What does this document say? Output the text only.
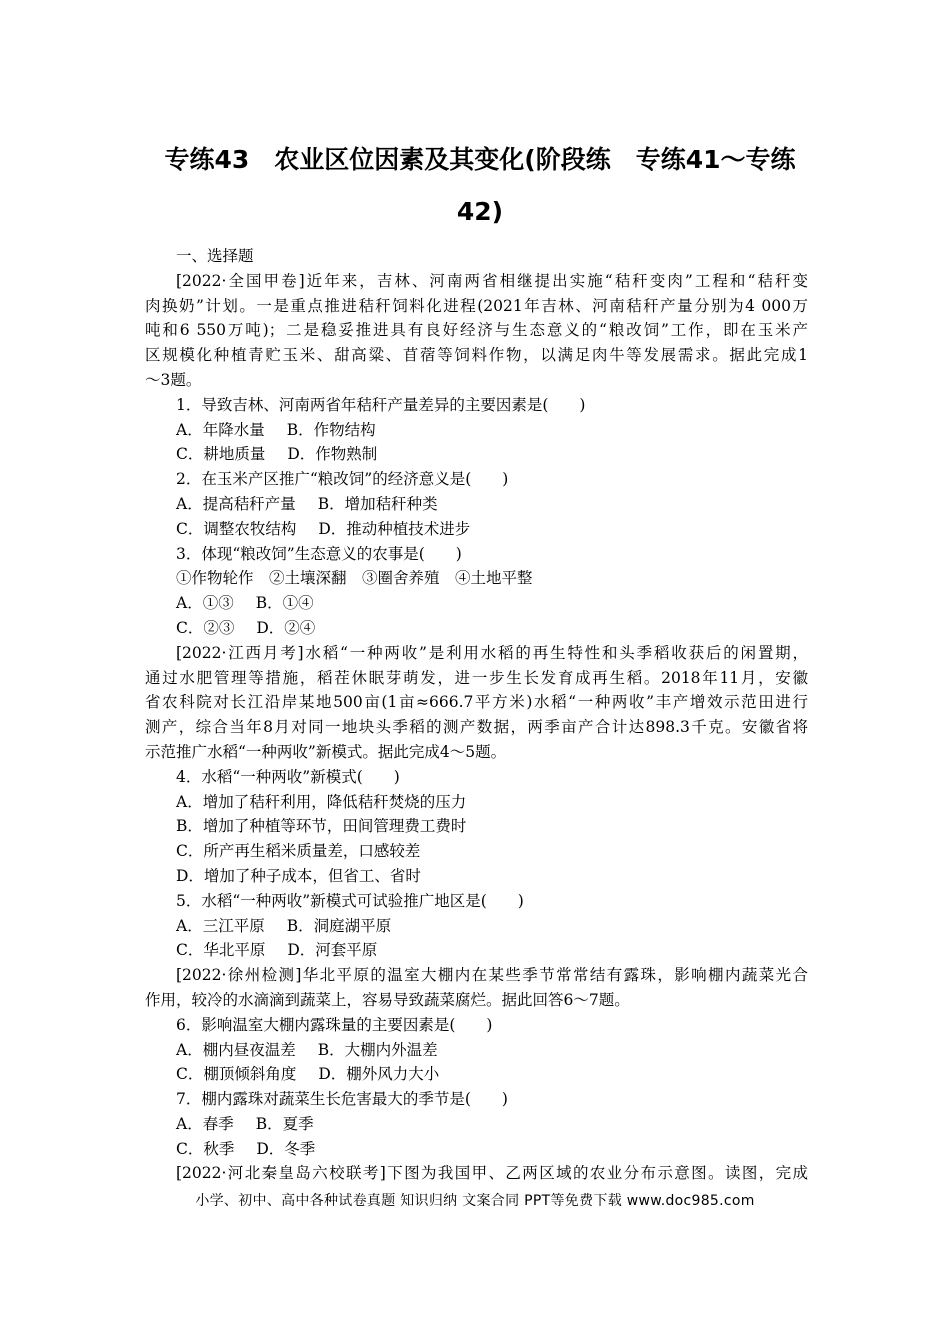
专练43　农业区位因素及其变化(阶段练　专练41～专练
42)
一、选择题
[2022·全国甲卷]近年来，吉林、河南两省相继提出实施“秸秆变肉”工程和“秸秆变
肉换奶”计划。一是重点推进秸秆饲料化进程(2021年吉林、河南秸秆产量分别为4 000万
吨和6 550万吨)；二是稳妥推进具有良好经济与生态意义的“粮改饲”工作，即在玉米产
区规模化种植青贮玉米、甜高粱、苜蓿等饲料作物，以满足肉牛等发展需求。据此完成1
～3题。
1．导致吉林、河南两省年秸秆产量差异的主要因素是(　　)
A．年降水量 B．作物结构
C．耕地质量 D．作物熟制
2．在玉米产区推广“粮改饲”的经济意义是(　　)
A．提高秸秆产量 B．增加秸秆种类
C．调整农牧结构 D．推动种植技术进步
3．体现“粮改饲”生态意义的农事是(　　)
①作物轮作　②土壤深翻　③圈舍养殖　④土地平整
A．①③ B．①④
C．②③ D．②④
[2022·江西月考]水稻“一种两收”是利用水稻的再生特性和头季稻收获后的闲置期，
通过水肥管理等措施，稻茬休眠芽萌发，进一步生长发育成再生稻。2018年11月，安徽
省农科院对长江沿岸某地500亩(1亩≈666.7平方米)水稻“一种两收”丰产增效示范田进行
测产，综合当年8月对同一地块头季稻的测产数据，两季亩产合计达898.3千克。安徽省将
示范推广水稻“一种两收”新模式。据此完成4～5题。
4．水稻“一种两收”新模式(　　)
A．增加了秸秆利用，降低秸秆焚烧的压力
B．增加了种植等环节，田间管理费工费时
C．所产再生稻米质量差，口感较差
D．增加了种子成本，但省工、省时
5．水稻“一种两收”新模式可试验推广地区是(　　)
A．三江平原 B．洞庭湖平原
C．华北平原 D．河套平原
[2022·徐州检测]华北平原的温室大棚内在某些季节常常结有露珠，影响棚内蔬菜光合
作用，较冷的水滴滴到蔬菜上，容易导致蔬菜腐烂。据此回答6～7题。
6．影响温室大棚内露珠量的主要因素是(　　)
A．棚内昼夜温差 B．大棚内外温差
C．棚顶倾斜角度 D．棚外风力大小
7．棚内露珠对蔬菜生长危害最大的季节是(　　)
A．春季 B．夏季
C．秋季 D．冬季
[2022·河北秦皇岛六校联考]下图为我国甲、乙两区域的农业分布示意图。读图，完成
小学、初中、高中各种试卷真题 知识归纳 文案合同 PPT等免费下载 www.doc985.com
